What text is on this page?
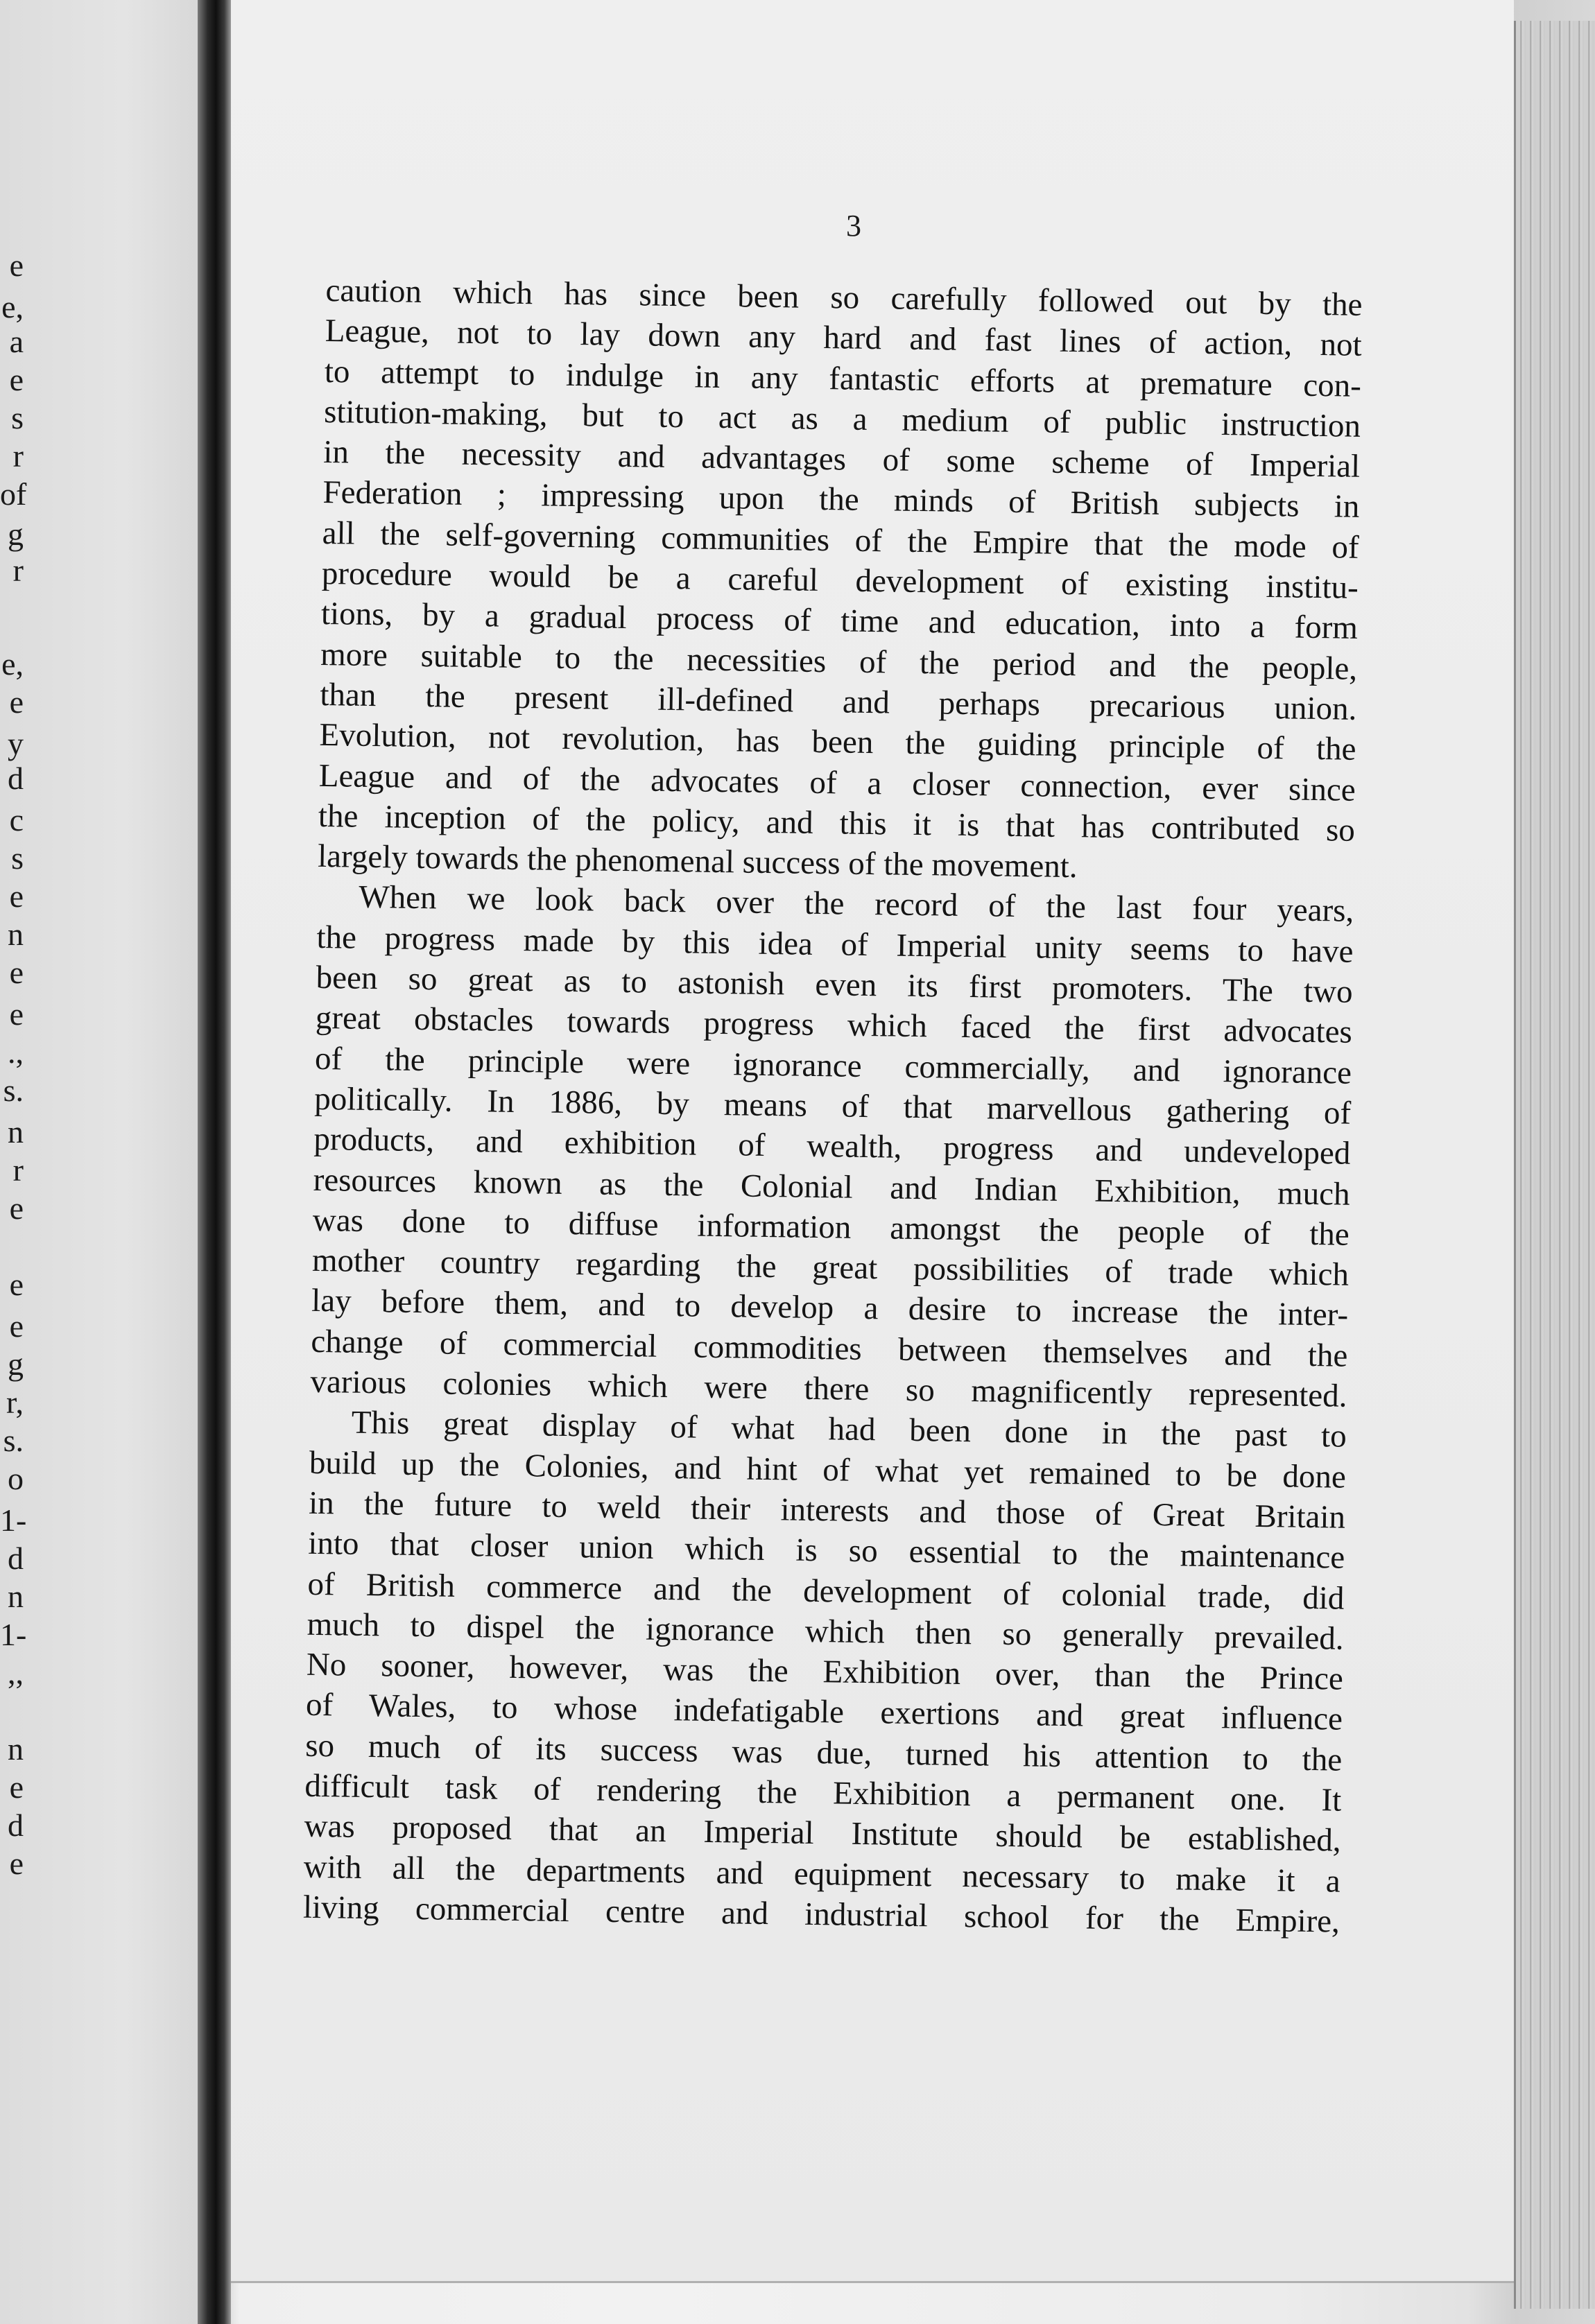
e
e,
a
e
s
r
of
g
r
e,
e
y
d
c
s
e
n
e
e
.,
s.
n
r
e
e
e
g
r,
s.
o
1-
d
n
1-
,,
n
e
d
e
3
caution which has since been so carefully followed out by the
League, not to lay down any hard and fast lines of action, not
to attempt to indulge in any fantastic efforts at premature con-
stitution-making, but to act as a medium of public instruction
in the necessity and advantages of some scheme of Imperial
Federation ; impressing upon the minds of British subjects in
all the self-governing communities of the Empire that the mode of
procedure would be a careful development of existing institu-
tions, by a gradual process of time and education, into a form
more suitable to the necessities of the period and the people,
than the present ill-defined and perhaps precarious union.
Evolution, not revolution, has been the guiding principle of the
League and of the advocates of a closer connection, ever since
the inception of the policy, and this it is that has contributed so
largely towards the phenomenal success of the movement.
When we look back over the record of the last four years,
the progress made by this idea of Imperial unity seems to have
been so great as to astonish even its first promoters. The two
great obstacles towards progress which faced the first advocates
of the principle were ignorance commercially, and ignorance
politically. In 1886, by means of that marvellous gathering of
products, and exhibition of wealth, progress and undeveloped
resources known as the Colonial and Indian Exhibition, much
was done to diffuse information amongst the people of the
mother country regarding the great possibilities of trade which
lay before them, and to develop a desire to increase the inter-
change of commercial commodities between themselves and the
various colonies which were there so magnificently represented.
This great display of what had been done in the past to
build up the Colonies, and hint of what yet remained to be done
in the future to weld their interests and those of Great Britain
into that closer union which is so essential to the maintenance
of British commerce and the development of colonial trade, did
much to dispel the ignorance which then so generally prevailed.
No sooner, however, was the Exhibition over, than the Prince
of Wales, to whose indefatigable exertions and great influence
so much of its success was due, turned his attention to the
difficult task of rendering the Exhibition a permanent one. It
was proposed that an Imperial Institute should be established,
with all the departments and equipment necessary to make it a
living commercial centre and industrial school for the Empire,
